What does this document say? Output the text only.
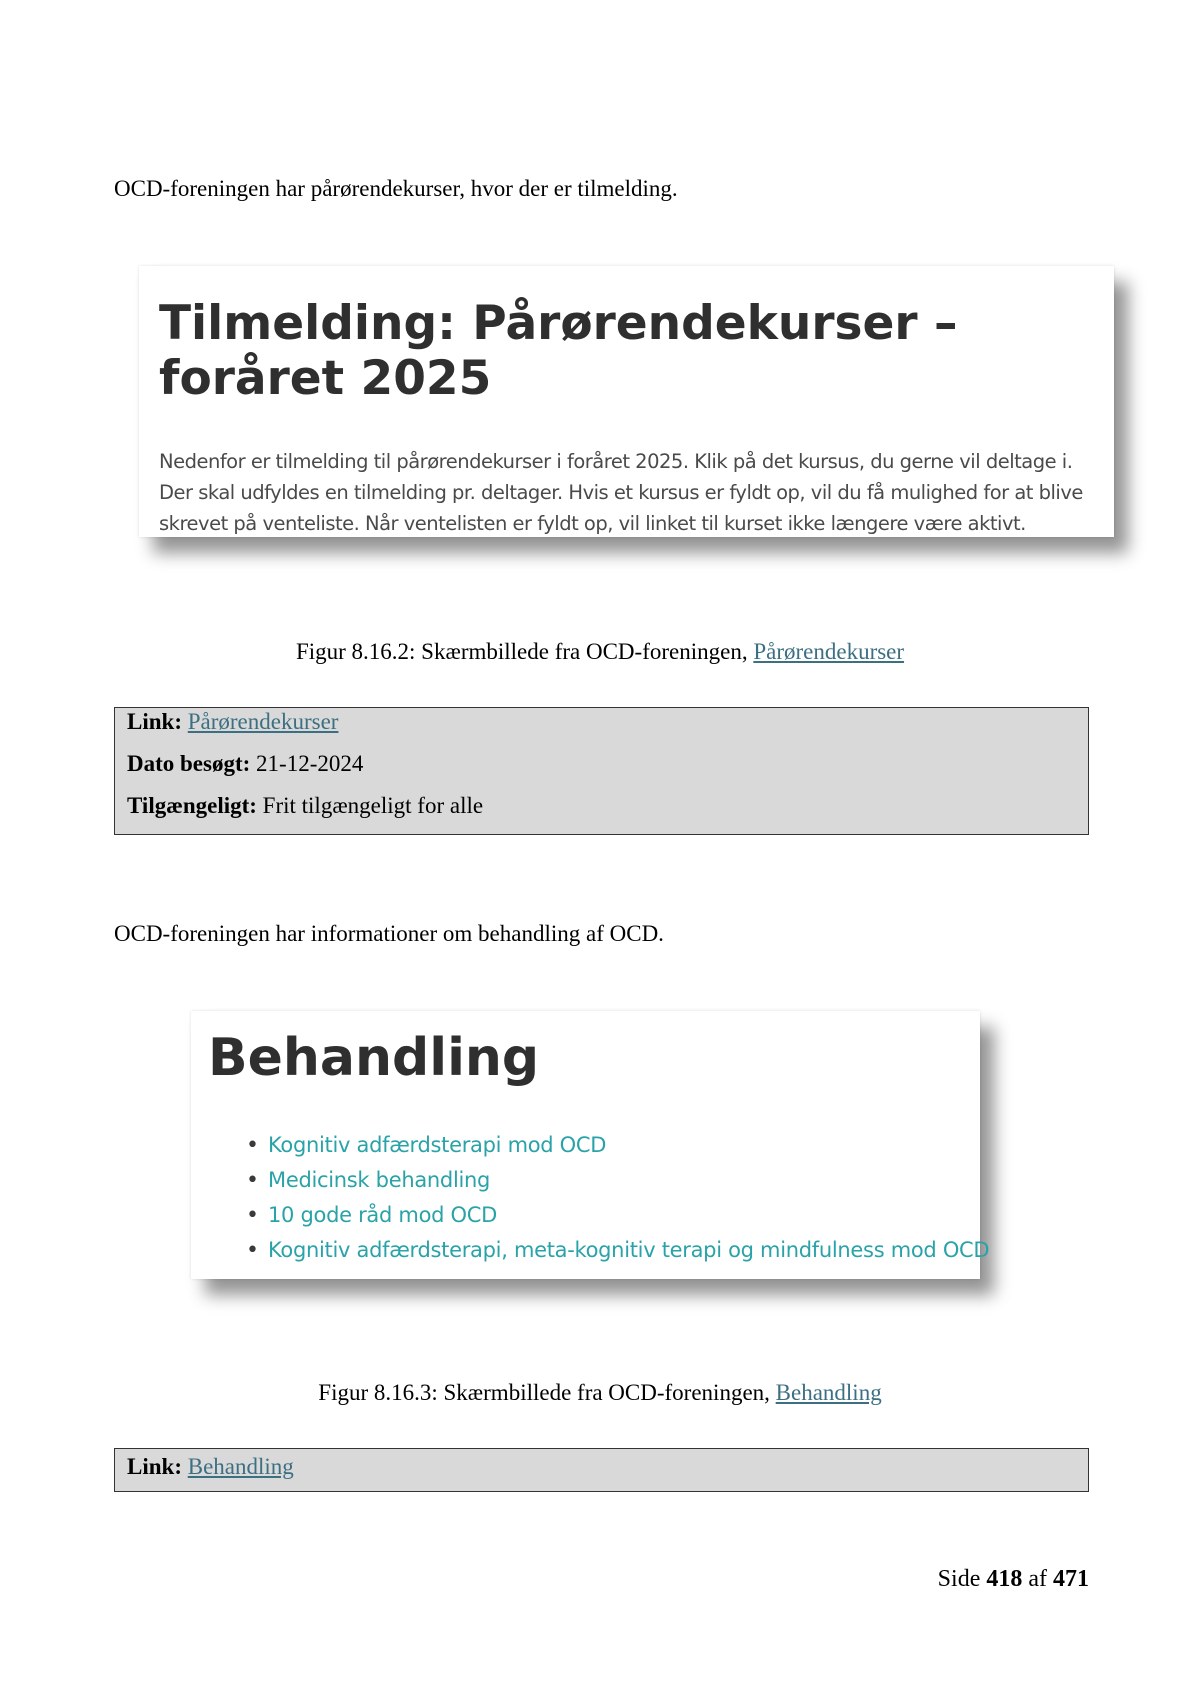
OCD-foreningen har pårørendekurser, hvor der er tilmelding.

Tilmelding: Pårørendekurser – foråret 2025

Nedenfor er tilmelding til pårørendekurser i foråret 2025. Klik på det kursus, du gerne vil deltage i. Der skal udfyldes en tilmelding pr. deltager. Hvis et kursus er fyldt op, vil du få mulighed for at blive skrevet på venteliste. Når ventelisten er fyldt op, vil linket til kurset ikke længere være aktivt.

Figur 8.16.2: Skærmbillede fra OCD-foreningen, Pårørendekurser

Link: Pårørendekurser
Dato besøgt: 21-12-2024
Tilgængeligt: Frit tilgængeligt for alle

OCD-foreningen har informationer om behandling af OCD.

Behandling
• Kognitiv adfærdsterapi mod OCD
• Medicinsk behandling
• 10 gode råd mod OCD
• Kognitiv adfærdsterapi, meta-kognitiv terapi og mindfulness mod OCD

Figur 8.16.3: Skærmbillede fra OCD-foreningen, Behandling

Link: Behandling
Side 418 af 471
